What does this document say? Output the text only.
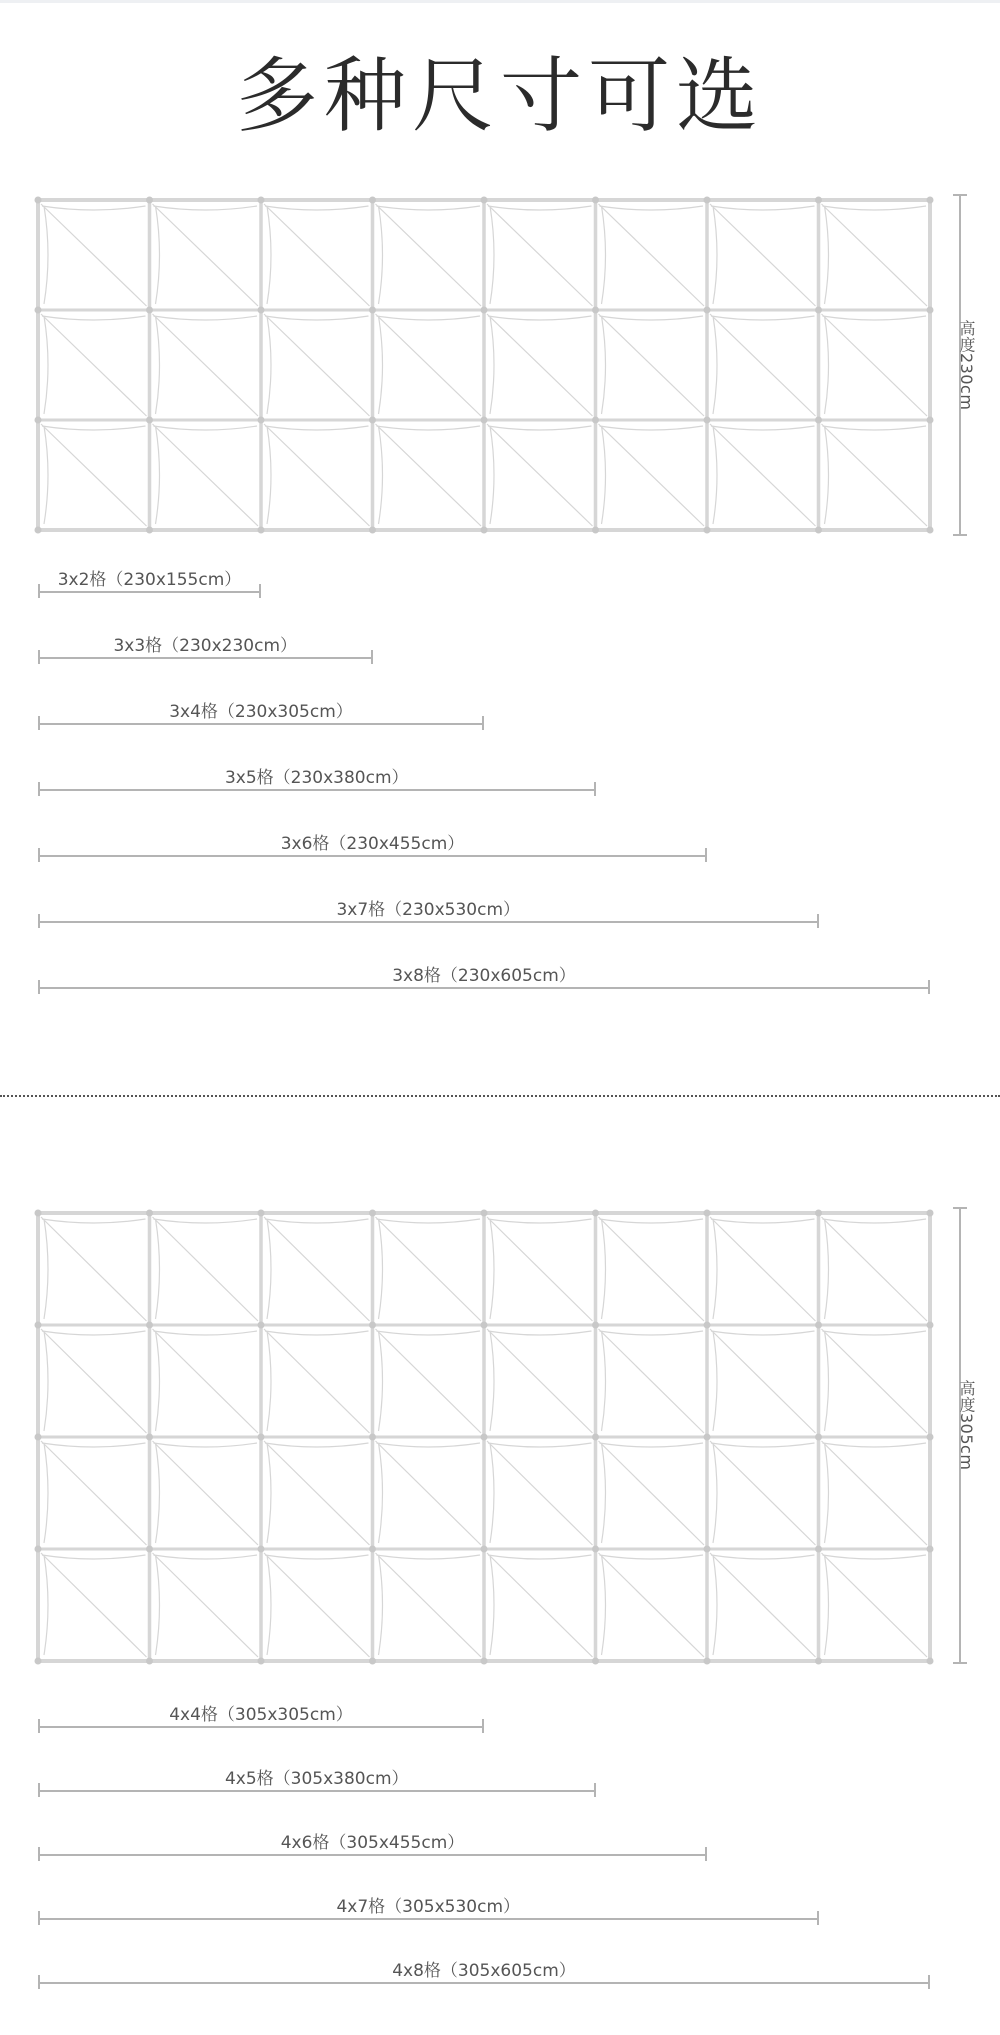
多种尺寸可选
高度230cm
3x2格（230x155cm）
3x3格（230x230cm）
3x4格（230x305cm）
3x5格（230x380cm）
3x6格（230x455cm）
3x7格（230x530cm）
3x8格（230x605cm）
高度305cm
4x4格（305x305cm）
4x5格（305x380cm）
4x6格（305x455cm）
4x7格（305x530cm）
4x8格（305x605cm）
